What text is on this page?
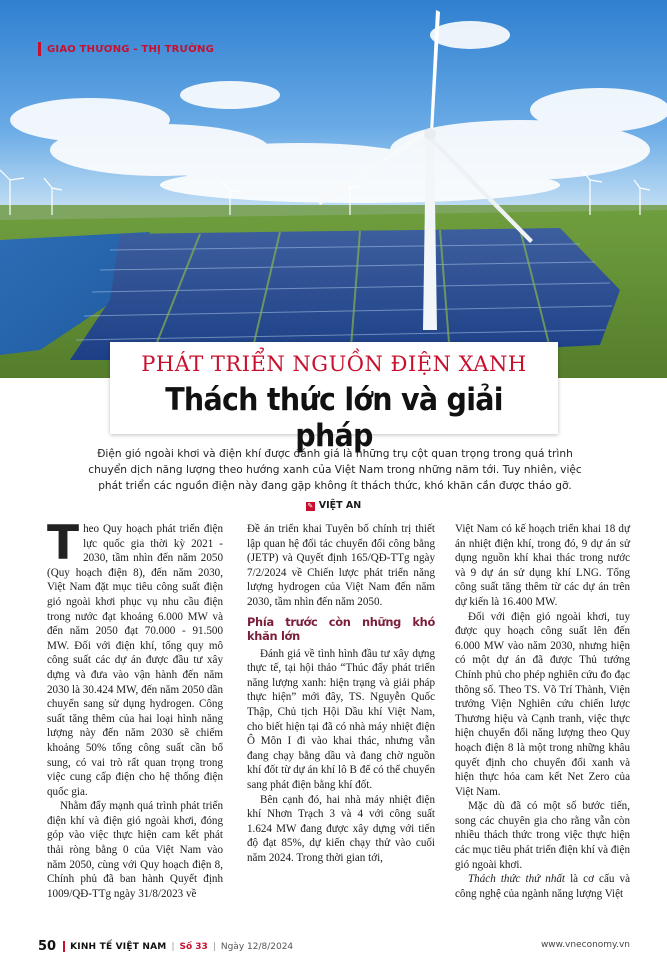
GIAO THƯƠNG - THỊ TRƯỜNG
PHÁT TRIỂN NGUỒN ĐIỆN XANH
Thách thức lớn và giải pháp
Điện gió ngoài khơi và điện khí được đánh giá là những trụ cột quan trọng trong quá trình chuyển dịch năng lượng theo hướng xanh của Việt Nam trong những năm tới. Tuy nhiên, việc phát triển các nguồn điện này đang gặp không ít thách thức, khó khăn cần được tháo gỡ.
✎ VIỆT AN

Theo Quy hoạch phát triển điện lực quốc gia thời kỳ 2021 - 2030, tầm nhìn đến năm 2050 (Quy hoạch điện 8), đến năm 2030, Việt Nam đặt mục tiêu công suất điện gió ngoài khơi phục vụ nhu cầu điện trong nước đạt khoảng 6.000 MW và đến năm 2050 đạt 70.000 - 91.500 MW. Đối với điện khí, tổng quy mô công suất các dự án được đầu tư xây dựng và đưa vào vận hành đến năm 2030 là 30.424 MW, đến năm 2050 dần chuyển sang sử dụng hydrogen. Công suất tăng thêm của hai loại hình năng lượng này đến năm 2030 sẽ chiếm khoảng 50% tổng công suất cần bổ sung, có vai trò rất quan trọng trong việc cung cấp điện cho hệ thống điện quốc gia.

Nhằm đẩy mạnh quá trình phát triển điện khí và điện gió ngoài khơi, đóng góp vào việc thực hiện cam kết phát thải ròng bằng 0 của Việt Nam vào năm 2050, cùng với Quy hoạch điện 8, Chính phủ đã ban hành Quyết định 1009/QĐ-TTg ngày 31/8/2023 về

Đề án triển khai Tuyên bố chính trị thiết lập quan hệ đối tác chuyển đổi công bằng (JETP) và Quyết định 165/QĐ-TTg ngày 7/2/2024 về Chiến lược phát triển năng lượng hydrogen của Việt Nam đến năm 2030, tầm nhìn đến năm 2050.

Phía trước còn những khó khăn lớn

Đánh giá về tình hình đầu tư xây dựng thực tế, tại hội thảo “Thúc đẩy phát triển năng lượng xanh: hiện trạng và giải pháp thực hiện” mới đây, TS. Nguyễn Quốc Thập, Chủ tịch Hội Dầu khí Việt Nam, cho biết hiện tại đã có nhà máy nhiệt điện Ô Môn I đi vào khai thác, nhưng vẫn đang chạy bằng dầu và đang chờ nguồn khí đốt từ dự án khí lô B để có thể chuyển sang phát điện bằng khí đốt.

Bên cạnh đó, hai nhà máy nhiệt điện khí Nhơn Trạch 3 và 4 với công suất 1.624 MW đang được xây dựng với tiến độ đạt 85%, dự kiến chạy thử vào cuối năm 2024. Trong thời gian tới,

Việt Nam có kế hoạch triển khai 18 dự án nhiệt điện khí, trong đó, 9 dự án sử dụng nguồn khí khai thác trong nước và 9 dự án sử dụng khí LNG. Tổng công suất tăng thêm từ các dự án trên dự kiến là 16.400 MW.

Đối với điện gió ngoài khơi, tuy được quy hoạch công suất lên đến 6.000 MW vào năm 2030, nhưng hiện có một dự án đã được Thủ tướng Chính phủ cho phép nghiên cứu đo đạc thông số. Theo TS. Võ Trí Thành, Viện trưởng Viện Nghiên cứu chiến lược Thương hiệu và Cạnh tranh, việc thực hiện chuyển đổi năng lượng theo Quy hoạch điện 8 là một trong những khâu quyết định cho chuyển đổi xanh và hiện thực hóa cam kết Net Zero của Việt Nam.

Mặc dù đã có một số bước tiến, song các chuyên gia cho rằng vẫn còn nhiều thách thức trong việc thực hiện các mục tiêu phát triển điện khí và điện gió ngoài khơi.

Thách thức thứ nhất là cơ cấu và công nghệ của ngành năng lượng Việt

50 KINH TẾ VIỆT NAM | Số 33 | Ngày 12/8/2024	www.vneconomy.vn
